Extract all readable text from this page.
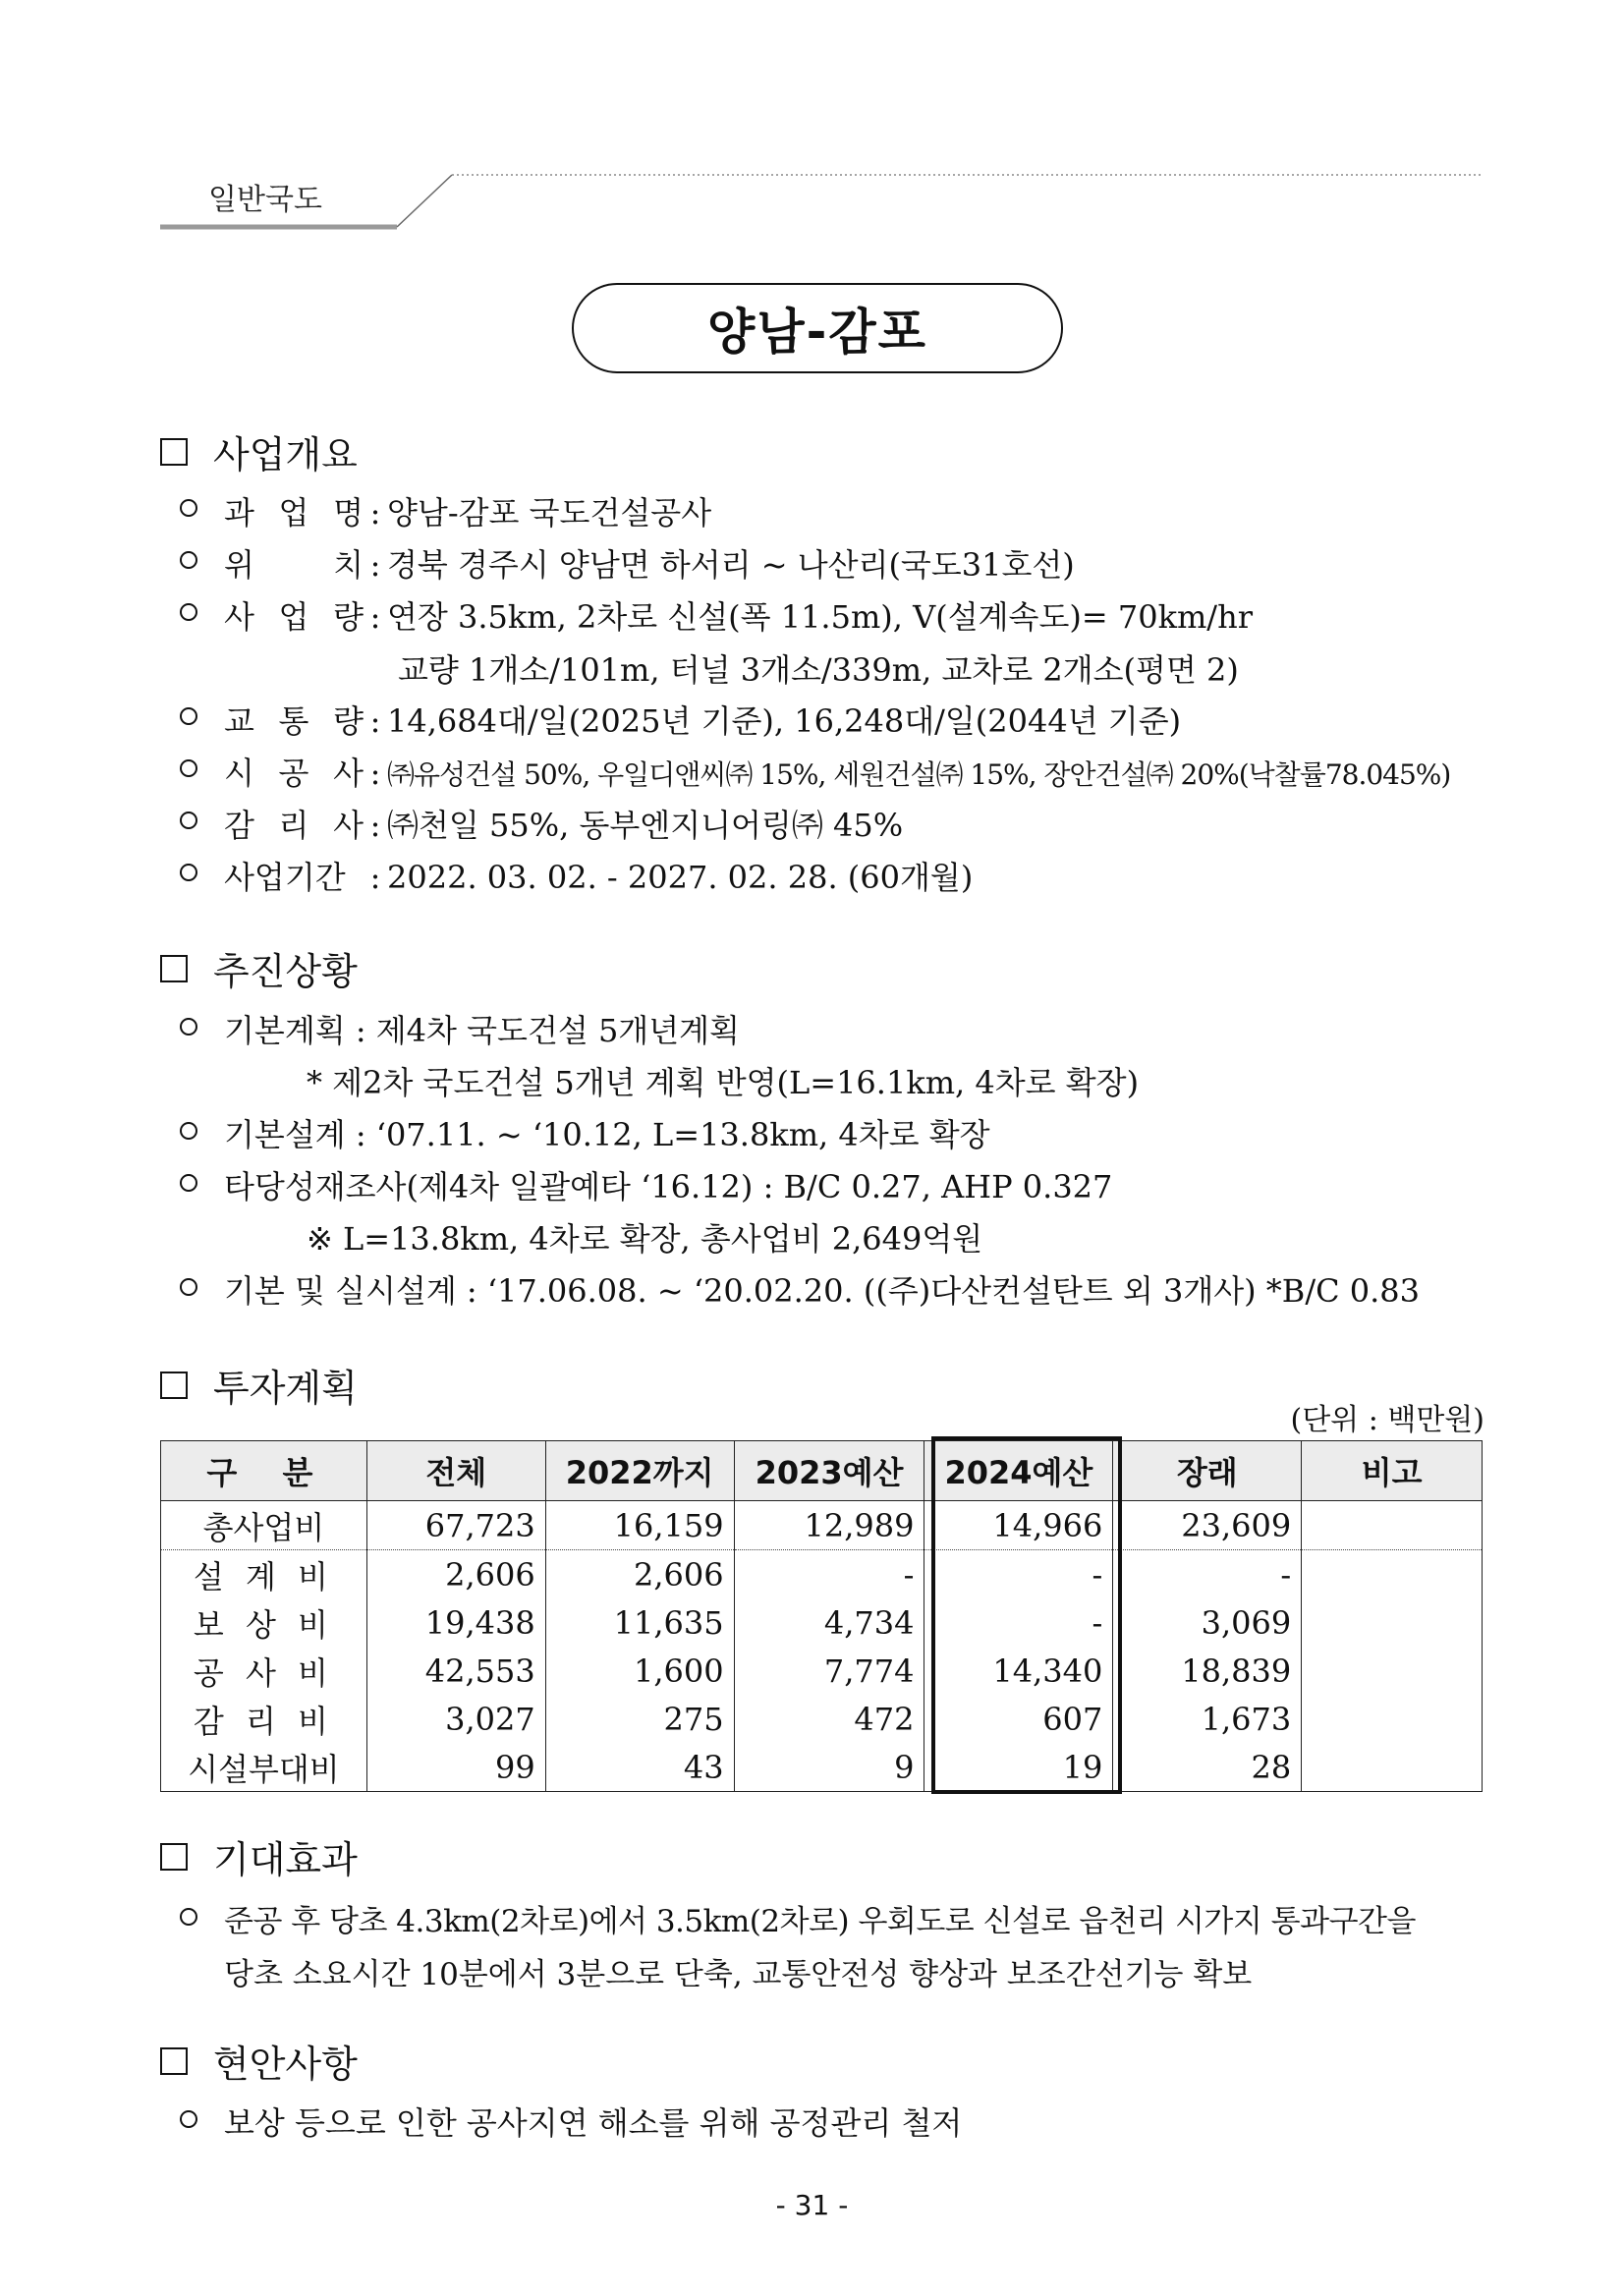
일반국도
양남-감포
사업개요
과 업 명 : 양남-감포 국도건설공사
위	치 : 경북 경주시 양남면 하서리 ~ 나산리(국도31호선)
사 업 량 : 연장 3.5km, 2차로 신설(폭 11.5m), V(설계속도)= 70km/hr
교량 1개소/101m, 터널 3개소/339m, 교차로 2개소(평면 2)
교 통 량 : 14,684대/일(2025년 기준), 16,248대/일(2044년 기준)
시 공 사 : ㈜유성건설 50%, 우일디앤씨㈜ 15%, 세원건설㈜ 15%, 장안건설㈜ 20%(낙찰률78.045%)
감 리 사 : ㈜천일 55%, 동부엔지니어링㈜ 45%
사업기간 : 2022. 03. 02. - 2027. 02. 28. (60개월)
추진상황
기본계획 : 제4차 국도건설 5개년계획
* 제2차 국도건설 5개년 계획 반영(L=16.1km, 4차로 확장)
기본설계 : ‘07.11. ~ ‘10.12, L=13.8km, 4차로 확장
타당성재조사(제4차 일괄예타 ‘16.12) : B/C 0.27, AHP 0.327
※ L=13.8km, 4차로 확장, 총사업비 2,649억원
기본 및 실시설계 : ‘17.06.08. ~ ‘20.02.20. ((주)다산컨설탄트 외 3개사) *B/C 0.83
투자계획
(단위 : 백만원)
구  분	전체	2022까지	2023예산	2024예산	장래	비고
총사업비	67,723	16,159	12,989	14,966	23,609	
설 계 비	2,606	2,606	-	-	-	
보 상 비	19,438	11,635	4,734	-	3,069	
공 사 비	42,553	1,600	7,774	14,340	18,839	
감 리 비	3,027	275	472	607	1,673	
시설부대비	99	43	9	19	28	
기대효과
준공 후 당초 4.3km(2차로)에서 3.5km(2차로) 우회도로 신설로 읍천리 시가지 통과구간을
당초 소요시간 10분에서 3분으로 단축, 교통안전성 향상과 보조간선기능 확보
현안사항
보상 등으로 인한 공사지연 해소를 위해 공정관리 철저
- 31 -
